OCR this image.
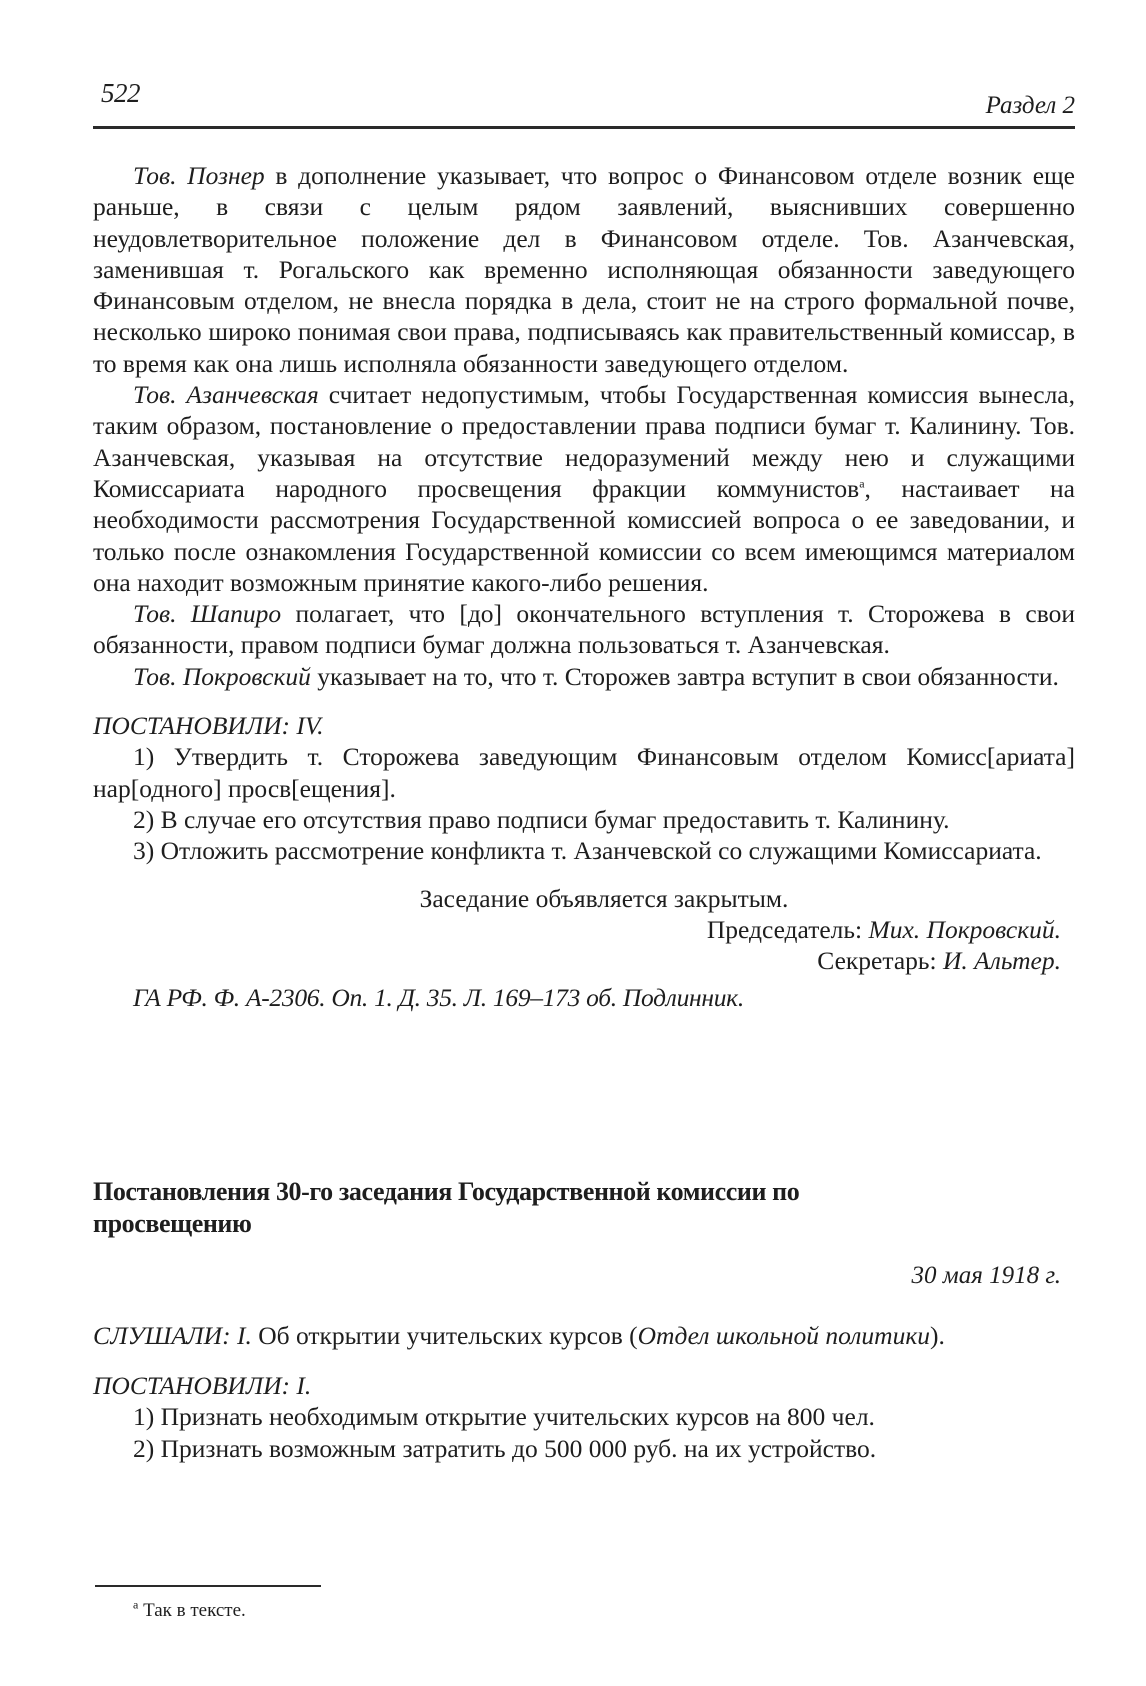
522	Раздел 2

Тов. Познер в дополнение указывает, что вопрос о Финансовом отделе возник еще раньше, в связи с целым рядом заявлений, выяснивших совершенно неудовлетворительное положение дел в Финансовом отделе. Тов. Азанчевская, заменившая т. Рогальского как временно исполняющая обязанности заведующего Финансовым отделом, не внесла порядка в дела, стоит не на строго формальной почве, несколько широко понимая свои права, подписываясь как правительственный комиссар, в то время как она лишь исполняла обязанности заведующего отделом.

Тов. Азанчевская считает недопустимым, чтобы Государственная комиссия вынесла, таким образом, постановление о предоставлении права подписи бумаг т. Калинину. Тов. Азанчевская, указывая на отсутствие недоразумений между нею и служащими Комиссариата народного просвещения фракции коммунистов$^а$, настаивает на необходимости рассмотрения Государственной комиссией вопроса о ее заведовании, и только после ознакомления Государственной комиссии со всем имеющимся материалом она находит возможным принятие какого-либо решения.

Тов. Шапиро полагает, что [до] окончательного вступления т. Сторожева в свои обязанности, правом подписи бумаг должна пользоваться т. Азанчевская.

Тов. Покровский указывает на то, что т. Сторожев завтра вступит в свои обязанности.

ПОСТАНОВИЛИ: IV.

1) Утвердить т. Сторожева заведующим Финансовым отделом Комисс[ариата] нар[одного] просв[ещения].

2) В случае его отсутствия право подписи бумаг предоставить т. Калинину.

3) Отложить рассмотрение конфликта т. Азанчевской со служащими Комиссариата.

Заседание объявляется закрытым.

Председатель: Мих. Покровский.

Секретарь: И. Альтер.

ГА РФ. Ф. А-2306. Оп. 1. Д. 35. Л. 169–173 об. Подлинник.

Постановления 30-го заседания Государственной комиссии по просвещению
30 мая 1918 г.

СЛУШАЛИ: I. Об открытии учительских курсов (Отдел школьной политики).

ПОСТАНОВИЛИ: I.

1) Признать необходимым открытие учительских курсов на 800 чел.

2) Признать возможным затратить до 500 000 руб. на их устройство.

$^а$ Так в тексте.
